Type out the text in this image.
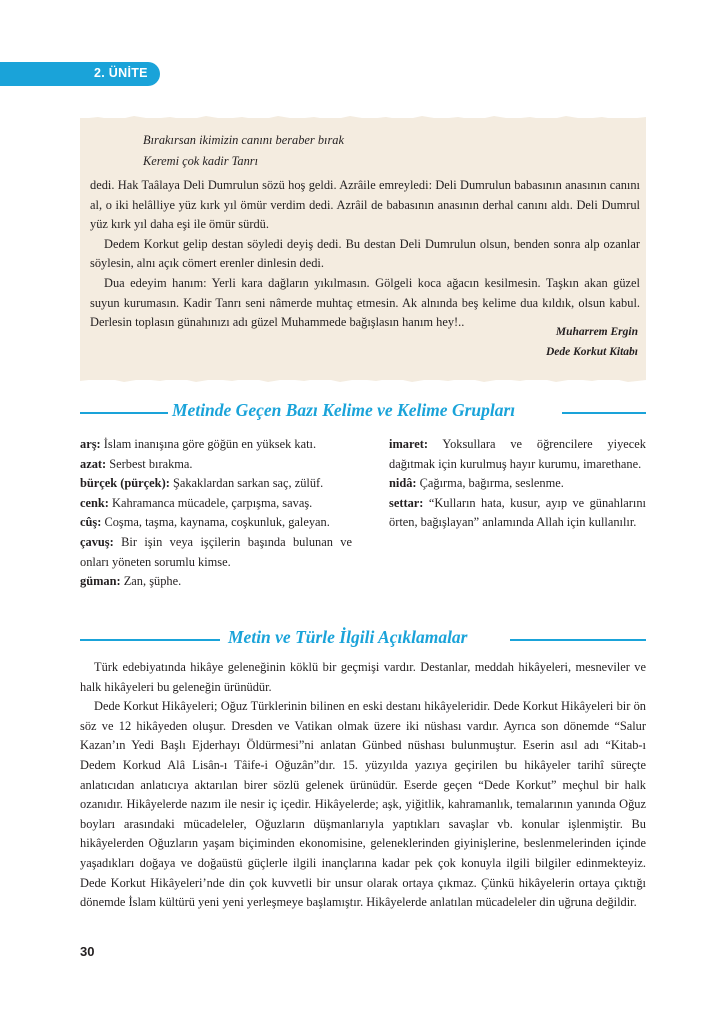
2. ÜNİTE
Bırakırsan ikimizin canını beraber bırak
Keremi çok kadir Tanrı

dedi. Hak Taâlaya Deli Dumrulun sözü hoş geldi. Azrâile emreyledi: Deli Dumrulun babasının anasının canını al, o iki helâlliye yüz kırk yıl ömür verdim dedi. Azrâil de babasının anasının derhal canını aldı. Deli Dumrul yüz kırk yıl daha eşi ile ömür sürdü.

Dedem Korkut gelip destan söyledi deyiş dedi. Bu destan Deli Dumrulun olsun, benden sonra alp ozanlar söylesin, alnı açık cömert erenler dinlesin dedi.

Dua edeyim hanım: Yerli kara dağların yıkılmasın. Gölgeli koca ağacın kesilmesin. Taşkın akan güzel suyun kurumasın. Kadir Tanrı seni nâmerde muhtaç etmesin. Ak alnında beş kelime dua kıldık, olsun kabul. Derlesin toplasın günahınızı adı güzel Muhammede bağışlasın hanım hey!..

Muharrem Ergin
Dede Korkut Kitabı
Metinde Geçen Bazı Kelime ve Kelime Grupları

arş: İslam inanışına göre göğün en yüksek katı.

azat: Serbest bırakma.

bürçek (pürçek): Şakaklardan sarkan saç, zülüf.

cenk: Kahramanca mücadele, çarpışma, savaş.

cûş: Coşma, taşma, kaynama, coşkunluk, galeyan.

çavuş: Bir işin veya işçilerin başında bulunan ve onları yöneten sorumlu kimse.

güman: Zan, şüphe.

imaret: Yoksullara ve öğrencilere yiyecek dağıtmak için kurulmuş hayır kurumu, imarethane.

nidâ: Çağırma, bağırma, seslenme.

settar: “Kulların hata, kusur, ayıp ve günahlarını örten, bağışlayan” anlamında Allah için kullanılır.

Metin ve Türle İlgili Açıklamalar

Türk edebiyatında hikâye geleneğinin köklü bir geçmişi vardır. Destanlar, meddah hikâyeleri, mesneviler ve halk hikâyeleri bu geleneğin ürünüdür.

Dede Korkut Hikâyeleri; Oğuz Türklerinin bilinen en eski destanı hikâyeleridir. Dede Korkut Hikâyeleri bir ön söz ve 12 hikâyeden oluşur. Dresden ve Vatikan olmak üzere iki nüshası vardır. Ayrıca son dönemde “Salur Kazan’ın Yedi Başlı Ejderhayı Öldürmesi”ni anlatan Günbed nüshası bulunmuştur. Eserin asıl adı “Kitab-ı Dedem Korkud Alâ Lisân-ı Tâife-i Oğuzân”dır. 15. yüzyılda yazıya geçirilen bu hikâyeler tarihî süreçte anlatıcıdan anlatıcıya aktarılan birer sözlü gelenek ürünüdür. Eserde geçen “Dede Korkut” meçhul bir halk ozanıdır. Hikâyelerde nazım ile nesir iç içedir. Hikâyelerde; aşk, yiğitlik, kahramanlık, temalarının yanında Oğuz boyları arasındaki mücadeleler, Oğuzların düşmanlarıyla yaptıkları savaşlar vb. konular işlenmiştir. Bu hikâyelerden Oğuzların yaşam biçiminden ekonomisine, geleneklerinden giyinişlerine, beslenmelerinden içinde yaşadıkları doğaya ve doğaüstü güçlerle ilgili inançlarına kadar pek çok konuyla ilgili bilgiler edinmekteyiz. Dede Korkut Hikâyeleri’nde din çok kuvvetli bir unsur olarak ortaya çıkmaz. Çünkü hikâyelerin ortaya çıktığı dönemde İslam kültürü yeni yeni yerleşmeye başlamıştır. Hikâyelerde anlatılan mücadeleler din uğruna değildir.

30
